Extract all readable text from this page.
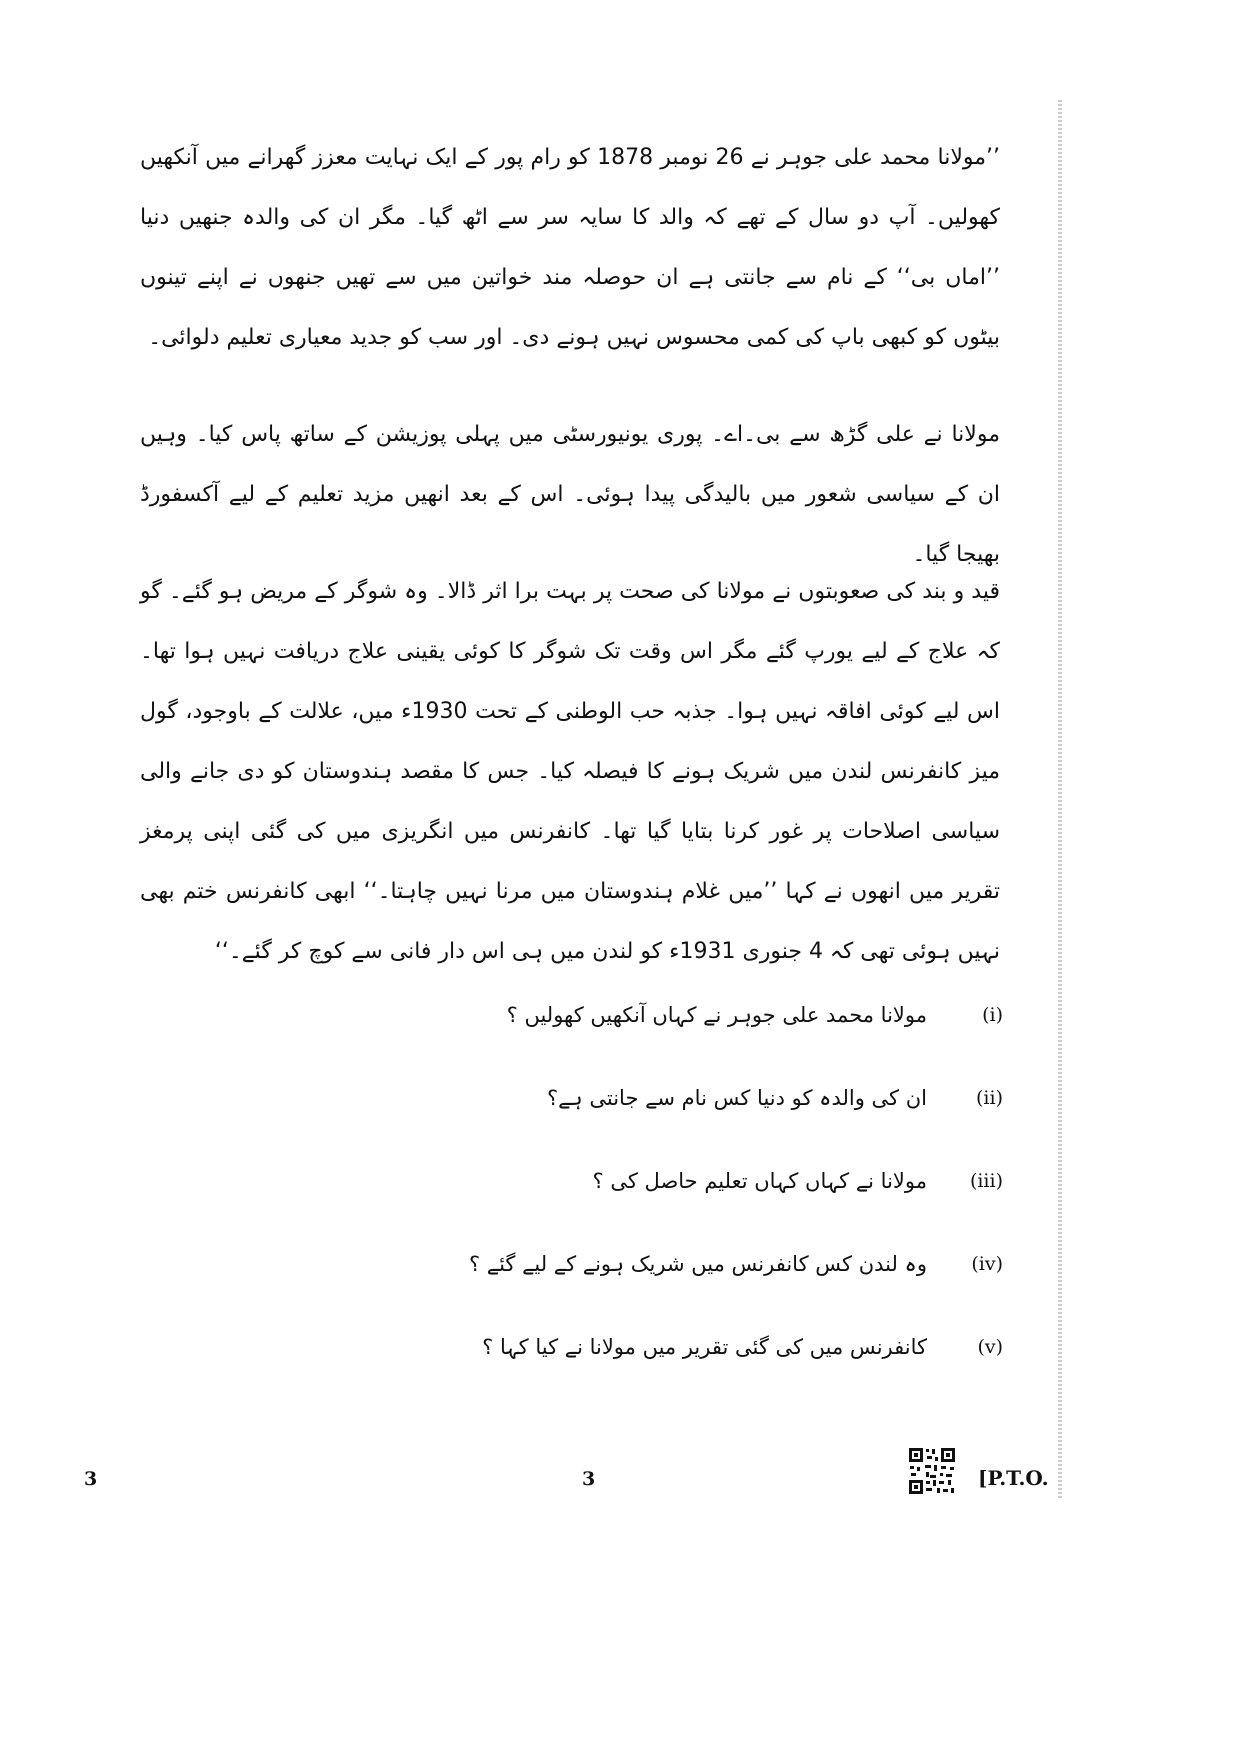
’’مولانا محمد علی جوہر نے 26 نومبر 1878 کو رام پور کے ایک نہایت معزز گھرانے میں آنکھیں کھولیں۔ آپ دو سال کے تھے کہ والد کا سایہ سر سے اٹھ گیا۔ مگر ان کی والدہ جنھیں دنیا ’’اماں بی‘‘ کے نام سے جانتی ہے ان حوصلہ مند خواتین میں سے تھیں جنھوں نے اپنے تینوں بیٹوں کو کبھی باپ کی کمی محسوس نہیں ہونے دی۔ اور سب کو جدید معیاری تعلیم دلوائی۔
مولانا نے علی گڑھ سے بی۔اے۔ پوری یونیورسٹی میں پہلی پوزیشن کے ساتھ پاس کیا۔ وہیں ان کے سیاسی شعور میں بالیدگی پیدا ہوئی۔ اس کے بعد انھیں مزید تعلیم کے لیے آکسفورڈ بھیجا گیا۔
قید و بند کی صعوبتوں نے مولانا کی صحت پر بہت برا اثر ڈالا۔ وہ شوگر کے مریض ہو گئے۔ گو کہ علاج کے لیے یورپ گئے مگر اس وقت تک شوگر کا کوئی یقینی علاج دریافت نہیں ہوا تھا۔ اس لیے کوئی افاقہ نہیں ہوا۔ جذبہ حب الوطنی کے تحت 1930ء میں، علالت کے باوجود، گول میز کانفرنس لندن میں شریک ہونے کا فیصلہ کیا۔ جس کا مقصد ہندوستان کو دی جانے والی سیاسی اصلاحات پر غور کرنا بتایا گیا تھا۔ کانفرنس میں انگریزی میں کی گئی اپنی پرمغز تقریر میں انھوں نے کہا ’’میں غلام ہندوستان میں مرنا نہیں چاہتا۔‘‘ ابھی کانفرنس ختم بھی نہیں ہوئی تھی کہ 4 جنوری 1931ء کو لندن میں ہی اس دار فانی سے کوچ کر گئے۔‘‘
(i)
مولانا محمد علی جوہر نے کہاں آنکھیں کھولیں ؟
(ii)
ان کی والدہ کو دنیا کس نام سے جانتی ہے؟
(iii)
مولانا نے کہاں کہاں تعلیم حاصل کی ؟
(iv)
وہ لندن کس کانفرنس میں شریک ہونے کے لیے گئے ؟
(v)
کانفرنس میں کی گئی تقریر میں مولانا نے کیا کہا ؟
3	3	[P.T.O.
